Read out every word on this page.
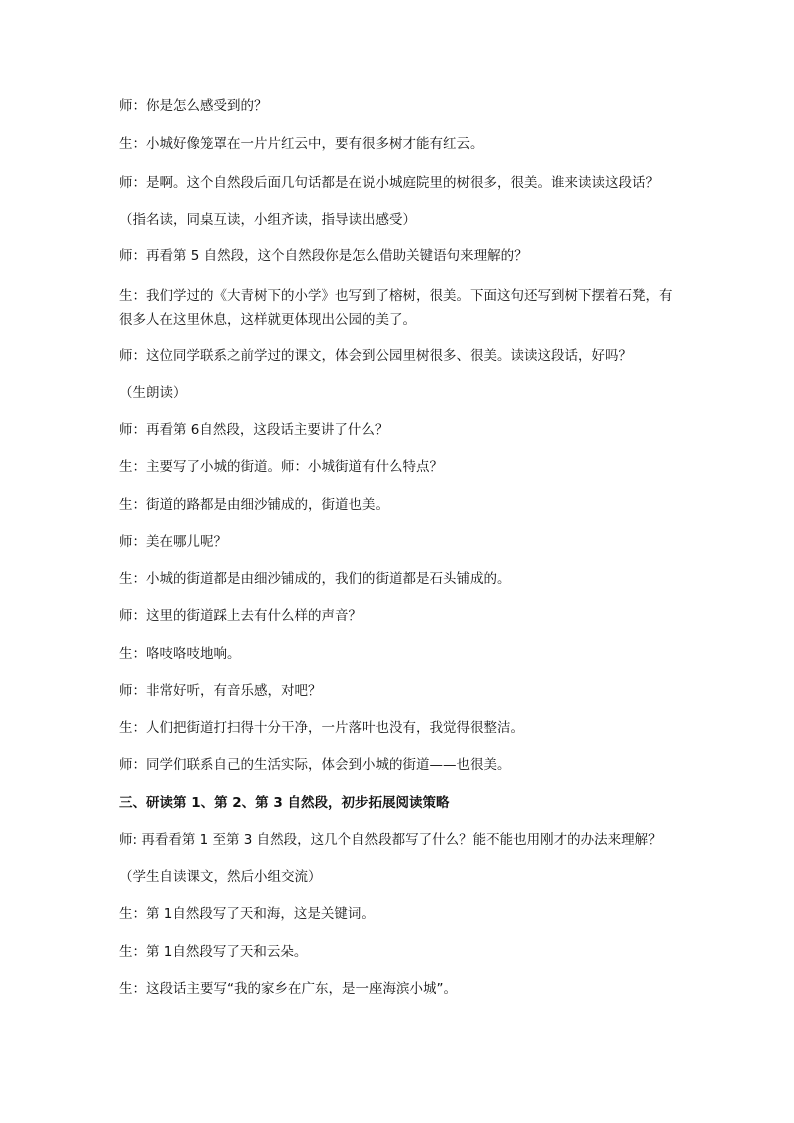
师：你是怎么感受到的？
生：小城好像笼罩在一片片红云中，要有很多树才能有红云。
师：是啊。这个自然段后面几句话都是在说小城庭院里的树很多，很美。谁来读读这段话？
（指名读，同桌互读，小组齐读，指导读出感受）
师：再看第 5 自然段，这个自然段你是怎么借助关键语句来理解的？
生：我们学过的《大青树下的小学》也写到了榕树，很美。下面这句还写到树下摆着石凳，有很多人在这里休息，这样就更体现出公园的美了。
师：这位同学联系之前学过的课文，体会到公园里树很多、很美。读读这段话，好吗？
（生朗读）
师：再看第 6自然段，这段话主要讲了什么？
生：主要写了小城的街道。师：小城街道有什么特点？
生：街道的路都是由细沙铺成的，街道也美。
师：美在哪儿呢？
生：小城的街道都是由细沙铺成的，我们的街道都是石头铺成的。
师：这里的街道踩上去有什么样的声音？
生：咯吱咯吱地响。
师：非常好听，有音乐感，对吧？
生：人们把街道打扫得十分干净，一片落叶也没有，我觉得很整洁。
师：同学们联系自己的生活实际，体会到小城的街道——也很美。
三、研读第 1、第 2、第 3 自然段，初步拓展阅读策略
师: 再看看第 1 至第 3 自然段，这几个自然段都写了什么？能不能也用刚才的办法来理解？
（学生自读课文，然后小组交流）
生：第 1自然段写了天和海，这是关键词。
生：第 1自然段写了天和云朵。
生：这段话主要写“我的家乡在广东，是一座海滨小城”。
